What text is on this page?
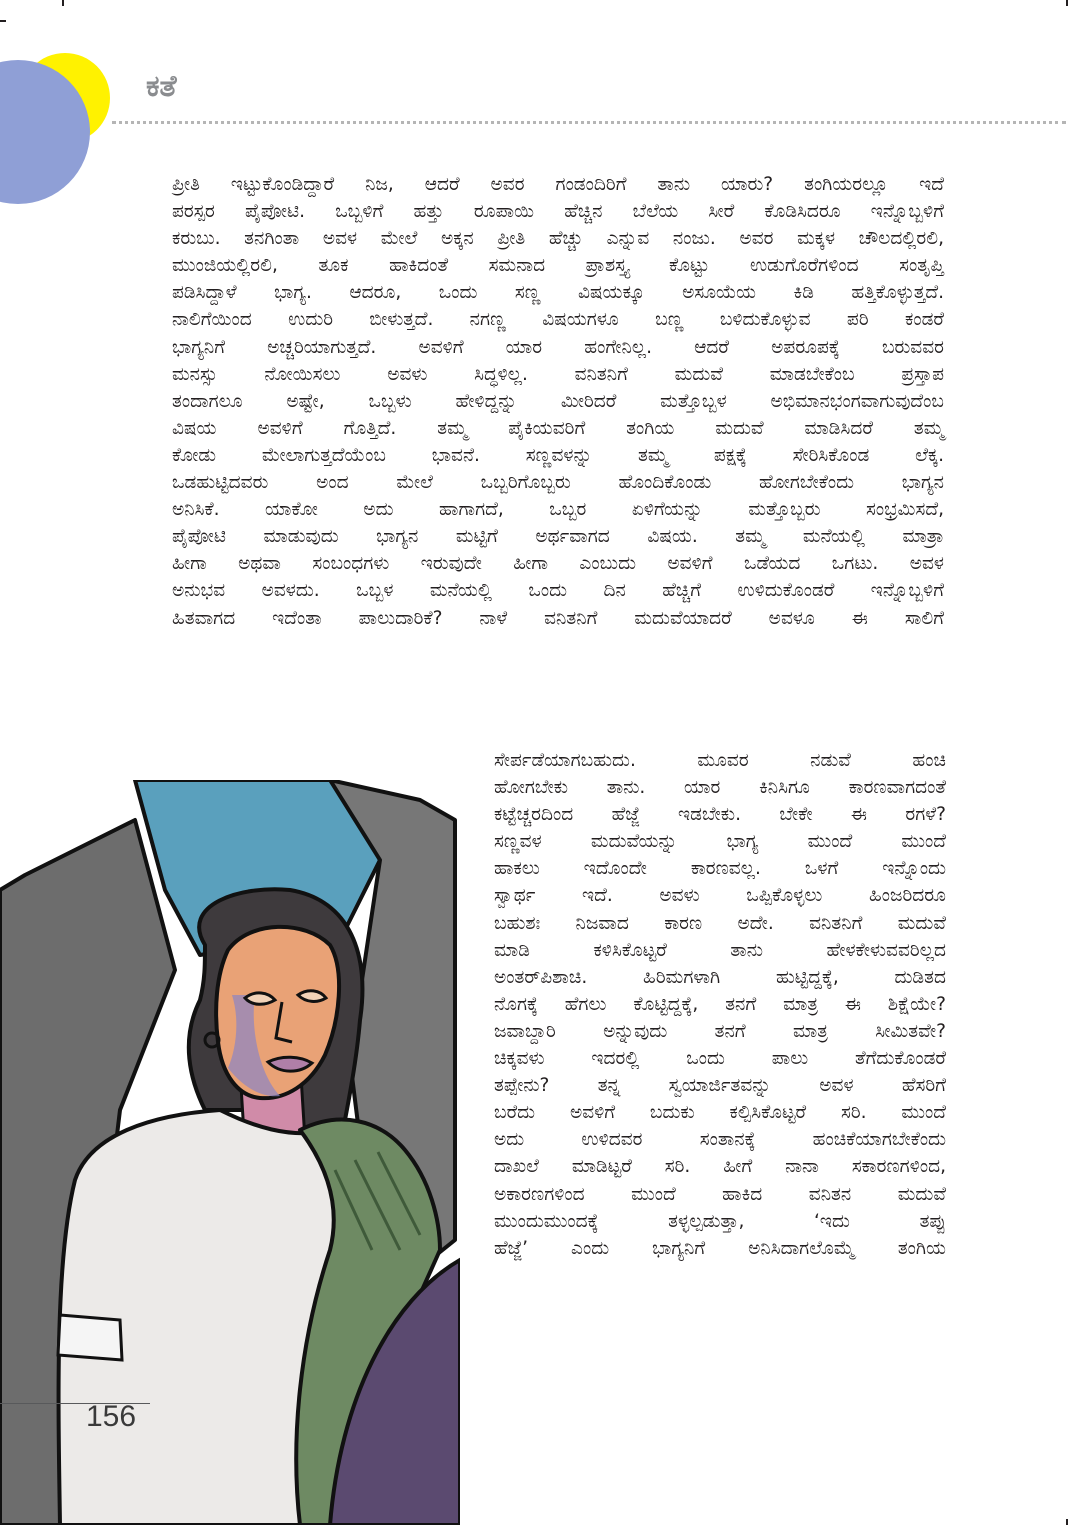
ಕತೆ
ಪ್ರೀತಿ ಇಟ್ಟುಕೊಂಡಿದ್ದಾರೆ ನಿಜ, ಆದರೆ ಅವರ ಗಂಡಂದಿರಿಗೆ ತಾನು ಯಾರು? ತಂಗಿಯರಲ್ಲೂ ಇದೆ
ಪರಸ್ಪರ ಪೈಪೋಟಿ. ಒಬ್ಬಳಿಗೆ ಹತ್ತು ರೂಪಾಯಿ ಹೆಚ್ಚಿನ ಬೆಲೆಯ ಸೀರೆ ಕೊಡಿಸಿದರೂ ಇನ್ನೊಬ್ಬಳಿಗೆ
ಕರುಬು. ತನಗಿಂತಾ ಅವಳ ಮೇಲೆ ಅಕ್ಕನ ಪ್ರೀತಿ ಹೆಚ್ಚು ಎನ್ನುವ ನಂಜು. ಅವರ ಮಕ್ಕಳ ಚೌಲದಲ್ಲಿರಲಿ,
ಮುಂಜಿಯಲ್ಲಿರಲಿ, ತೂಕ ಹಾಕಿದಂತೆ ಸಮನಾದ ಪ್ರಾಶಸ್ತ್ಯ ಕೊಟ್ಟು ಉಡುಗೊರೆಗಳಿಂದ ಸಂತೃಪ್ತಿ
ಪಡಿಸಿದ್ದಾಳೆ ಭಾಗ್ಯ. ಆದರೂ, ಒಂದು ಸಣ್ಣ ವಿಷಯಕ್ಕೂ ಅಸೂಯೆಯ ಕಿಡಿ ಹತ್ತಿಕೊಳ್ಳುತ್ತದೆ.
ನಾಲಿಗೆಯಿಂದ ಉದುರಿ ಬೀಳುತ್ತದೆ. ನಗಣ್ಣ ವಿಷಯಗಳೂ ಬಣ್ಣ ಬಳಿದುಕೊಳ್ಳುವ ಪರಿ ಕಂಡರೆ
ಭಾಗ್ಯನಿಗೆ ಅಚ್ಚರಿಯಾಗುತ್ತದೆ. ಅವಳಿಗೆ ಯಾರ ಹಂಗೇನಿಲ್ಲ. ಆದರೆ ಅಪರೂಪಕ್ಕೆ ಬರುವವರ
ಮನಸ್ಸು ನೋಯಿಸಲು ಅವಳು ಸಿದ್ಧಳಿಲ್ಲ. ವನಿತನಿಗೆ ಮದುವೆ ಮಾಡಬೇಕೆಂಬ ಪ್ರಸ್ತಾಪ
ತಂದಾಗಲೂ ಅಷ್ಟೇ, ಒಬ್ಬಳು ಹೇಳಿದ್ದನ್ನು ಮೀರಿದರೆ ಮತ್ತೊಬ್ಬಳ ಅಭಿಮಾನಭಂಗವಾಗುವುದೆಂಬ
ವಿಷಯ ಅವಳಿಗೆ ಗೊತ್ತಿದೆ. ತಮ್ಮ ಪೈಕಿಯವರಿಗೆ ತಂಗಿಯ ಮದುವೆ ಮಾಡಿಸಿದರೆ ತಮ್ಮ
ಕೋಡು ಮೇಲಾಗುತ್ತದೆಯೆಂಬ ಭಾವನೆ. ಸಣ್ಣವಳನ್ನು ತಮ್ಮ ಪಕ್ಷಕ್ಕೆ ಸೇರಿಸಿಕೊಂಡ ಲೆಕ್ಕ.
ಒಡಹುಟ್ಟಿದವರು ಅಂದ ಮೇಲೆ ಒಬ್ಬರಿಗೊಬ್ಬರು ಹೊಂದಿಕೊಂಡು ಹೋಗಬೇಕೆಂದು ಭಾಗ್ಯನ
ಅನಿಸಿಕೆ. ಯಾಕೋ ಅದು ಹಾಗಾಗದೆ, ಒಬ್ಬರ ಏಳಿಗೆಯನ್ನು ಮತ್ತೊಬ್ಬರು ಸಂಭ್ರಮಿಸದೆ,
ಪೈಪೋಟಿ ಮಾಡುವುದು ಭಾಗ್ಯನ ಮಟ್ಟಿಗೆ ಅರ್ಥವಾಗದ ವಿಷಯ. ತಮ್ಮ ಮನೆಯಲ್ಲಿ ಮಾತ್ರಾ
ಹೀಗಾ ಅಥವಾ ಸಂಬಂಧಗಳು ಇರುವುದೇ ಹೀಗಾ ಎಂಬುದು ಅವಳಿಗೆ ಒಡೆಯದ ಒಗಟು. ಅವಳ
ಅನುಭವ ಅವಳದು. ಒಬ್ಬಳ ಮನೆಯಲ್ಲಿ ಒಂದು ದಿನ ಹೆಚ್ಚಿಗೆ ಉಳಿದುಕೊಂಡರೆ ಇನ್ನೊಬ್ಬಳಿಗೆ
ಹಿತವಾಗದ ಇದೆಂತಾ ಪಾಲುದಾರಿಕೆ? ನಾಳೆ ವನಿತನಿಗೆ ಮದುವೆಯಾದರೆ ಅವಳೂ ಈ ಸಾಲಿಗೆ
ಸೇರ್ಪಡೆಯಾಗಬಹುದು. ಮೂವರ ನಡುವೆ ಹಂಚಿ
ಹೋಗಬೇಕು ತಾನು. ಯಾರ ಕಿನಿಸಿಗೂ ಕಾರಣವಾಗದಂತೆ
ಕಟ್ಟೆಚ್ಚರದಿಂದ ಹೆಜ್ಜೆ ಇಡಬೇಕು. ಬೇಕೇ ಈ ರಗಳೆ?
ಸಣ್ಣವಳ ಮದುವೆಯನ್ನು ಭಾಗ್ಯ ಮುಂದೆ ಮುಂದೆ
ಹಾಕಲು ಇದೊಂದೇ ಕಾರಣವಲ್ಲ. ಒಳಗೆ ಇನ್ನೊಂದು
ಸ್ವಾರ್ಥ ಇದೆ. ಅವಳು ಒಪ್ಪಿಕೊಳ್ಳಲು ಹಿಂಜರಿದರೂ
ಬಹುಶಃ ನಿಜವಾದ ಕಾರಣ ಅದೇ. ವನಿತನಿಗೆ ಮದುವೆ
ಮಾಡಿ ಕಳಿಸಿಕೊಟ್ಟರೆ ತಾನು ಹೇಳಕೇಳುವವರಿಲ್ಲದ
ಅಂತರ್‌ಪಿಶಾಚಿ. ಹಿರಿಮಗಳಾಗಿ ಹುಟ್ಟಿದ್ದಕ್ಕೆ, ದುಡಿತದ
ನೊಗಕ್ಕೆ ಹೆಗಲು ಕೊಟ್ಟಿದ್ದಕ್ಕೆ, ತನಗೆ ಮಾತ್ರ ಈ ಶಿಕ್ಷೆಯೇ?
ಜವಾಬ್ದಾರಿ ಅನ್ನುವುದು ತನಗೆ ಮಾತ್ರ ಸೀಮಿತವೇ?
ಚಿಕ್ಕವಳು ಇದರಲ್ಲಿ ಒಂದು ಪಾಲು ತೆಗೆದುಕೊಂಡರೆ
ತಪ್ಪೇನು? ತನ್ನ ಸ್ವಯಾರ್ಜಿತವನ್ನು ಅವಳ ಹೆಸರಿಗೆ
ಬರೆದು ಅವಳಿಗೆ ಬದುಕು ಕಲ್ಪಿಸಿಕೊಟ್ಟರೆ ಸರಿ. ಮುಂದೆ
ಅದು ಉಳಿದವರ ಸಂತಾನಕ್ಕೆ ಹಂಚಿಕೆಯಾಗಬೇಕೆಂದು
ದಾಖಲೆ ಮಾಡಿಟ್ಟರೆ ಸರಿ. ಹೀಗೆ ನಾನಾ ಸಕಾರಣಗಳಿಂದ,
ಅಕಾರಣಗಳಿಂದ ಮುಂದೆ ಹಾಕಿದ ವನಿತನ ಮದುವೆ
ಮುಂದುಮುಂದಕ್ಕೆ ತಳ್ಳಲ್ಪಡುತ್ತಾ, ‘ಇದು ತಪ್ಪು
ಹೆಜ್ಜೆ’ ಎಂದು ಭಾಗ್ಯನಿಗೆ ಅನಿಸಿದಾಗಲೊಮ್ಮೆ ತಂಗಿಯ
156
